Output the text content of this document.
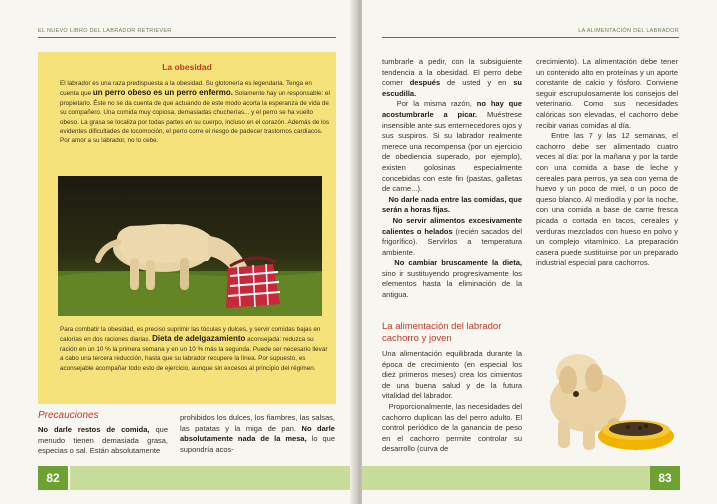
EL NUEVO LIBRO DEL LABRADOR RETRIEVER
La obesidad
El labrador es una raza predispuesta a la obesidad. Su glotonería es legendaria. Tenga en cuenta que un perro obeso es un perro enfermo. Solamente hay un responsable: el propietario. Éste no se da cuenta de que actuando de este modo acorta la esperanza de vida de su compañero. Una comida muy copiosa, demasiadas chucherías... y el perro se ha vuelto obeso. La grasa se localiza por todas partes en su cuerpo, incluso en el corazón. Además de los evidentes dificultades de locomoción, el perro corre el riesgo de padecer trastornos cardiacos. Por amor a su labrador, no lo cebe.
Para combatir la obesidad, es preciso suprimir las tóculas y dulces, y servir comidas bajas en calorías en dos raciones diarias. Dieta de adelgazamiento aconsejada: reduzca su ración en un 10 % la primera semana y en un 10 % más la segunda. Puede ser necesario llevar a cabo una tercera reducción, hasta que su labrador recupere la línea. Por supuesto, es aconsejable acompañar todo esto de ejercicio, aunque sin excesos al principio del régimen.
Precauciones
No darle restos de comida, que menudo tienen demasiada grasa, especias o sal. Están absolutamente
prohibidos los dulces, los fiambres, las salsas, las patatas y la miga de pan. No darle absolutamente nada de la mesa, lo que supondría acos-
82
LA ALIMENTACIÓN DEL LABRADOR
tumbrarle a pedir, con la subsiguiente tendencia a la obesidad. El perro debe comer después de usted y en su escudilla.
Por la misma razón, no hay que acostumbrarle a picar. Muéstrese insensible ante sus enternecedores ojos y sus suspiros. Si su labrador realmente merece una recompensa (por un ejercicio de obediencia superado, por ejemplo), existen golosinas especialmente concebidas con este fin (pastas, galletas de carne...).
No darle nada entre las comidas, que serán a horas fijas.
No servir alimentos excesivamente calientes o helados (recién sacados del frigorífico). Servírlos a temperatura ambiente.
No cambiar bruscamente la dieta, sino ir sustituyendo progresivamente los elementos hasta la eliminación de la antigua.
La alimentación del labrador cachorro y joven
Una alimentación equilibrada durante la época de crecimiento (en especial los diez primeros meses) crea los cimientos de una buena salud y de la futura vitalidad del labrador.
Proporcionalmente, las necesidades del cachorro duplican las del perro adulto. El control periódico de la ganancia de peso en el cachorro permite controlar su desarrollo (curva de
crecimiento). La alimentación debe tener un contenido alto en proteínas y un aporte constante de calcio y fósforo. Conviene seguir escrupulosamente los consejos del veterinario. Como sus necesidades calóricas son elevadas, el cachorro debe recibir varias comidas al día.
Entre las 7 y las 12 semanas, el cachorro debe ser alimentado cuatro veces al día: por la mañana y por la tarde con una comida a base de leche y cereales para perros, ya sea con yema de huevo y un poco de miel, o un poco de queso blanco. Al mediodía y por la noche, con una comida a base de carne fresca picada o cortada en tacos, cereales y verduras mezclados con hueso en polvo y un complejo vitamínico. La preparación casera puede sustituirse por un preparado industrial especial para cachorros.
83
